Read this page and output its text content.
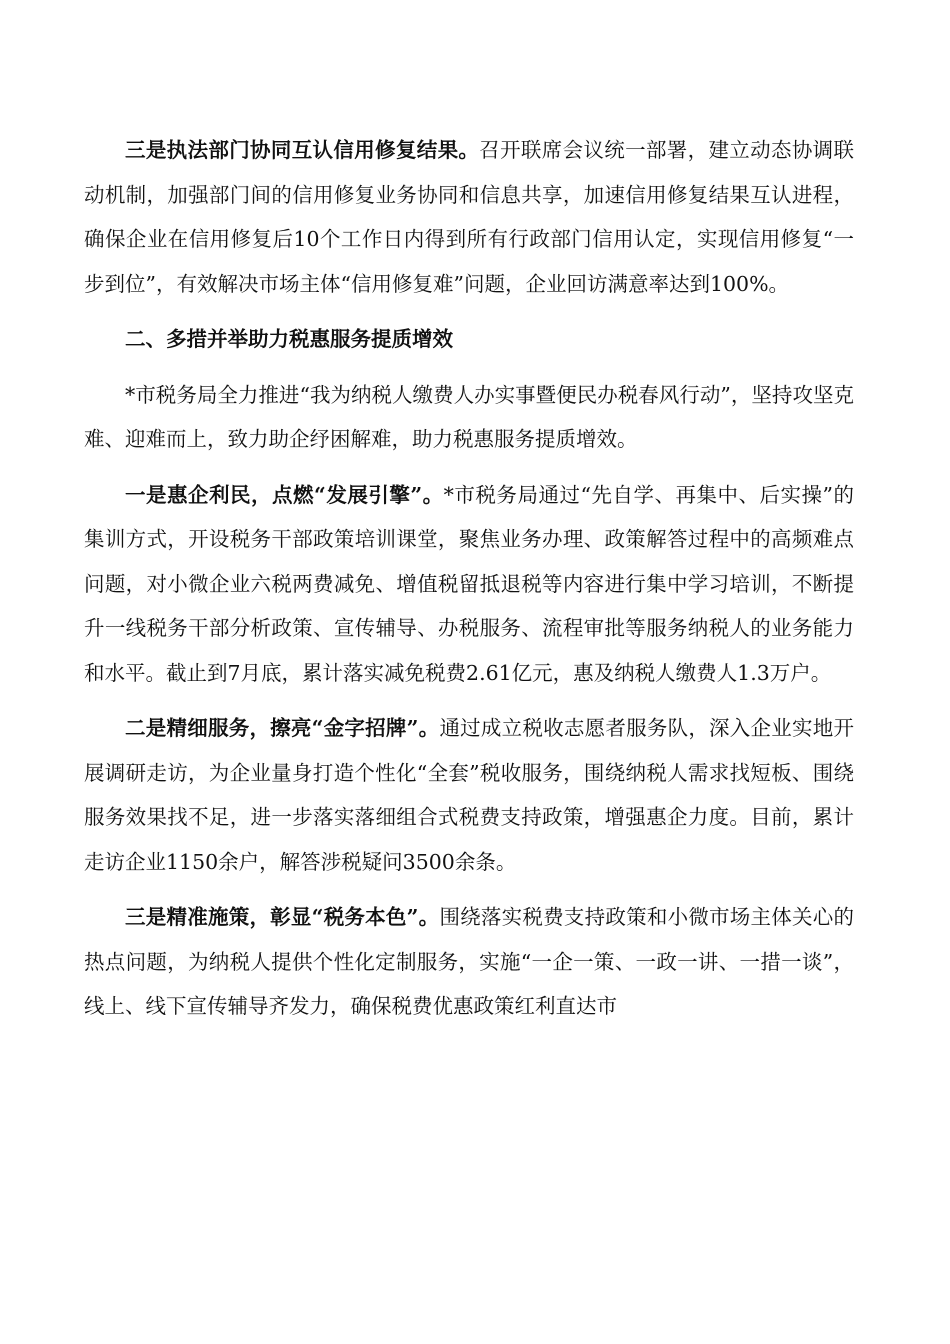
三是执法部门协同互认信用修复结果。召开联席会议统一部署，建立动态协调联动机制，加强部门间的信用修复业务协同和信息共享，加速信用修复结果互认进程，确保企业在信用修复后10个工作日内得到所有行政部门信用认定，实现信用修复“一步到位”，有效解决市场主体“信用修复难”问题，企业回访满意率达到100%。

二、多措并举助力税惠服务提质增效

*市税务局全力推进“我为纳税人缴费人办实事暨便民办税春风行动”，坚持攻坚克难、迎难而上，致力助企纾困解难，助力税惠服务提质增效。

一是惠企利民，点燃“发展引擎”。*市税务局通过“先自学、再集中、后实操”的集训方式，开设税务干部政策培训课堂，聚焦业务办理、政策解答过程中的高频难点问题，对小微企业六税两费减免、增值税留抵退税等内容进行集中学习培训，不断提升一线税务干部分析政策、宣传辅导、办税服务、流程审批等服务纳税人的业务能力和水平。截止到7月底，累计落实减免税费2.61亿元，惠及纳税人缴费人1.3万户。

二是精细服务，擦亮“金字招牌”。通过成立税收志愿者服务队，深入企业实地开展调研走访，为企业量身打造个性化“全套”税收服务，围绕纳税人需求找短板、围绕服务效果找不足，进一步落实落细组合式税费支持政策，增强惠企力度。目前，累计走访企业1150余户，解答涉税疑问3500余条。

三是精准施策，彰显“税务本色”。围绕落实税费支持政策和小微市场主体关心的热点问题，为纳税人提供个性化定制服务，实施“一企一策、一政一讲、一措一谈”，线上、线下宣传辅导齐发力，确保税费优惠政策红利直达市
